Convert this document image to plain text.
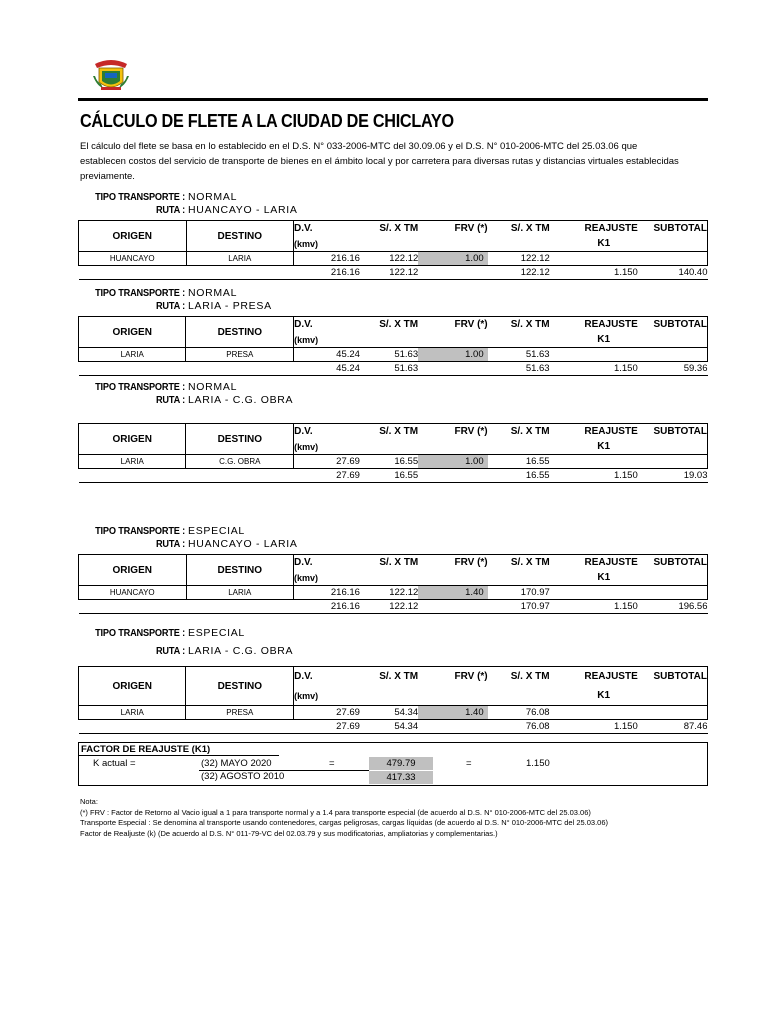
CÁLCULO DE FLETE A LA CIUDAD DE CHICLAYO
El cálculo del flete se basa en lo establecido en el D.S. N° 033-2006-MTC del 30.09.06 y el D.S. N° 010-2006-MTC del 25.03.06 que establecen costos del servicio de transporte de bienes en el ámbito local y por carretera para diversas rutas y distancias virtuales establecidas previamente.
TIPO TRANSPORTE : NORMAL
RUTA : HUANCAYO - LARIA
ORIGEN	DESTINO	D.V.	S/. X TM	FRV (*)	S/. X TM	REAJUSTE	SUBTOTAL
		(kmv)				K1	
HUANCAYO	LARIA	216.16	122.12	1.00	122.12		
		216.16	122.12		122.12	1.150	140.40
TIPO TRANSPORTE : NORMAL
RUTA : LARIA - PRESA
ORIGEN	DESTINO	D.V.	S/. X TM	FRV (*)	S/. X TM	REAJUSTE	SUBTOTAL
		(kmv)				K1	
LARIA	PRESA	45.24	51.63	1.00	51.63		
		45.24	51.63		51.63	1.150	59.36
TIPO TRANSPORTE : NORMAL
RUTA : LARIA - C.G. OBRA
ORIGEN	DESTINO	D.V.	S/. X TM	FRV (*)	S/. X TM	REAJUSTE	SUBTOTAL
		(kmv)				K1	
LARIA	C.G. OBRA	27.69	16.55	1.00	16.55		
		27.69	16.55		16.55	1.150	19.03
TIPO TRANSPORTE : ESPECIAL
RUTA : HUANCAYO - LARIA
ORIGEN	DESTINO	D.V.	S/. X TM	FRV (*)	S/. X TM	REAJUSTE	SUBTOTAL
		(kmv)				K1	
HUANCAYO	LARIA	216.16	122.12	1.40	170.97		
		216.16	122.12		170.97	1.150	196.56
TIPO TRANSPORTE : ESPECIAL
RUTA : LARIA - C.G. OBRA
ORIGEN	DESTINO	D.V.	S/. X TM	FRV (*)	S/. X TM	REAJUSTE	SUBTOTAL
		(kmv)				K1	
LARIA	PRESA	27.69	54.34	1.40	76.08		
		27.69	54.34		76.08	1.150	87.46
FACTOR DE REAJUSTE (K1)
K actual =	(32) MAYO 2020	=	479.79	=	1.150
(32) AGOSTO 2010	417.33
Nota:
(*) FRV : Factor de Retorno al Vacio igual a 1 para transporte normal y a 1.4 para transporte especial (de acuerdo al D.S. N° 010-2006-MTC del 25.03.06)
Transporte Especial : Se denomina al transporte usando contenedores, cargas peligrosas, cargas líquidas (de acuerdo al D.S. N° 010-2006-MTC del 25.03.06)
Factor de Realjuste (k) (De acuerdo al D.S. N° 011-79-VC del 02.03.79 y sus modificatorias, ampliatorias y complementarias.)
